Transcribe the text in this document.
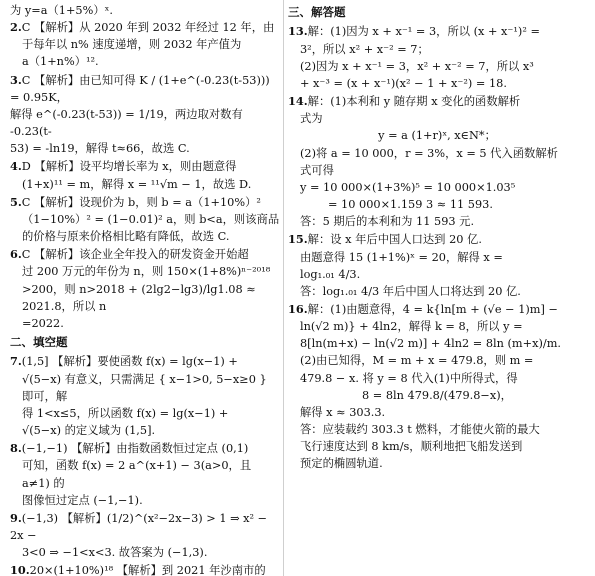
为 y=a（1+5%）ˣ.
2.C 【解析】从 2020 年到 2032 年经过 12 年，由
于每年以 n% 速度递增，则 2032 年产值为
a（1+n%）¹².
3.C 【解析】由已知可得 K / (1+e^(-0.23(t-53))) = 0.95K，
解得 e^(-0.23(t-53)) = 1/19，两边取对数有 -0.23(t-
53) = -ln19，解得 t≈66，故选 C.
4.D 【解析】设平均增长率为 x，则由题意得
(1+x)¹¹ = m，解得 x = ¹¹√m − 1，故选 D.
5.C 【解析】设现价为 b，则 b = a（1+10%）²
（1−10%）² = (1−0.01)² a，则 b<a，则该商品
的价格与原来价格相比略有降低，故选 C.
6.C 【解析】该企业全年投入的研发资金开始超
过 200 万元的年份为 n，则 150×(1+8%)ⁿ⁻²⁰¹⁸
>200，则 n>2018 + (2lg2−lg3)/lg1.08 ≈ 2021.8，所以 n
=2022.
二、填空题
7.(1,5] 【解析】要使函数 f(x) = lg(x−1) +
√(5−x) 有意义，只需满足 { x−1>0, 5−x≥0 } 即可，解
得 1<x≤5，所以函数 f(x) = lg(x−1) +
√(5−x) 的定义域为 (1,5].
8.(−1,−1) 【解析】由指数函数恒过定点 (0,1)
可知，函数 f(x) = 2 a^(x+1) − 3(a>0，且 a≠1) 的
图像恒过定点 (−1,−1).
9.(−1,3) 【解析】(1/2)^(x²−2x−3) > 1 ⇒ x² − 2x −
3<0 ⇒ −1<x<3. 故答案为 (−1,3).
10.20×(1+10%)¹⁸ 【解析】到 2021 年沙南市的
三、解答题
13.解：(1)因为 x + x⁻¹ = 3，所以 (x + x⁻¹)² =
3²，所以 x² + x⁻² = 7；
(2)因为 x + x⁻¹ = 3，x² + x⁻² = 7，所以 x³
+ x⁻³ = (x + x⁻¹)(x² − 1 + x⁻²) = 18.
14.解：(1)本利和 y 随存期 x 变化的函数解析
式为
y = a (1+r)ˣ, x∈N*；
(2)将 a = 10 000，r = 3%，x = 5 代入函数解析
式可得
y = 10 000×(1+3%)⁵ = 10 000×1.03⁵
= 10 000×1.159 3 ≈ 11 593.
答：5 期后的本利和为 11 593 元.
15.解：设 x 年后中国人口达到 20 亿.
由题意得 15 (1+1%)ˣ = 20，解得 x =
log₁.₀₁ 4/3.
答：log₁.₀₁ 4/3 年后中国人口将达到 20 亿.
16.解：(1)由题意得，4 = k{ln[m + (√e − 1)m] −
ln(√2 m)} + 4ln2，解得 k = 8，所以 y =
8[ln(m+x) − ln(√2 m)] + 4ln2 = 8ln (m+x)/m.
(2)由已知得，M = m + x = 479.8，则 m =
479.8 − x. 将 y = 8 代入(1)中所得式，得
8 = 8ln 479.8/(479.8−x)，
解得 x ≈ 303.3.
答：应装载约 303.3 t 燃料，才能使火箭的最大
飞行速度达到 8 km/s，顺利地把飞船发送到
预定的椭圆轨道.
